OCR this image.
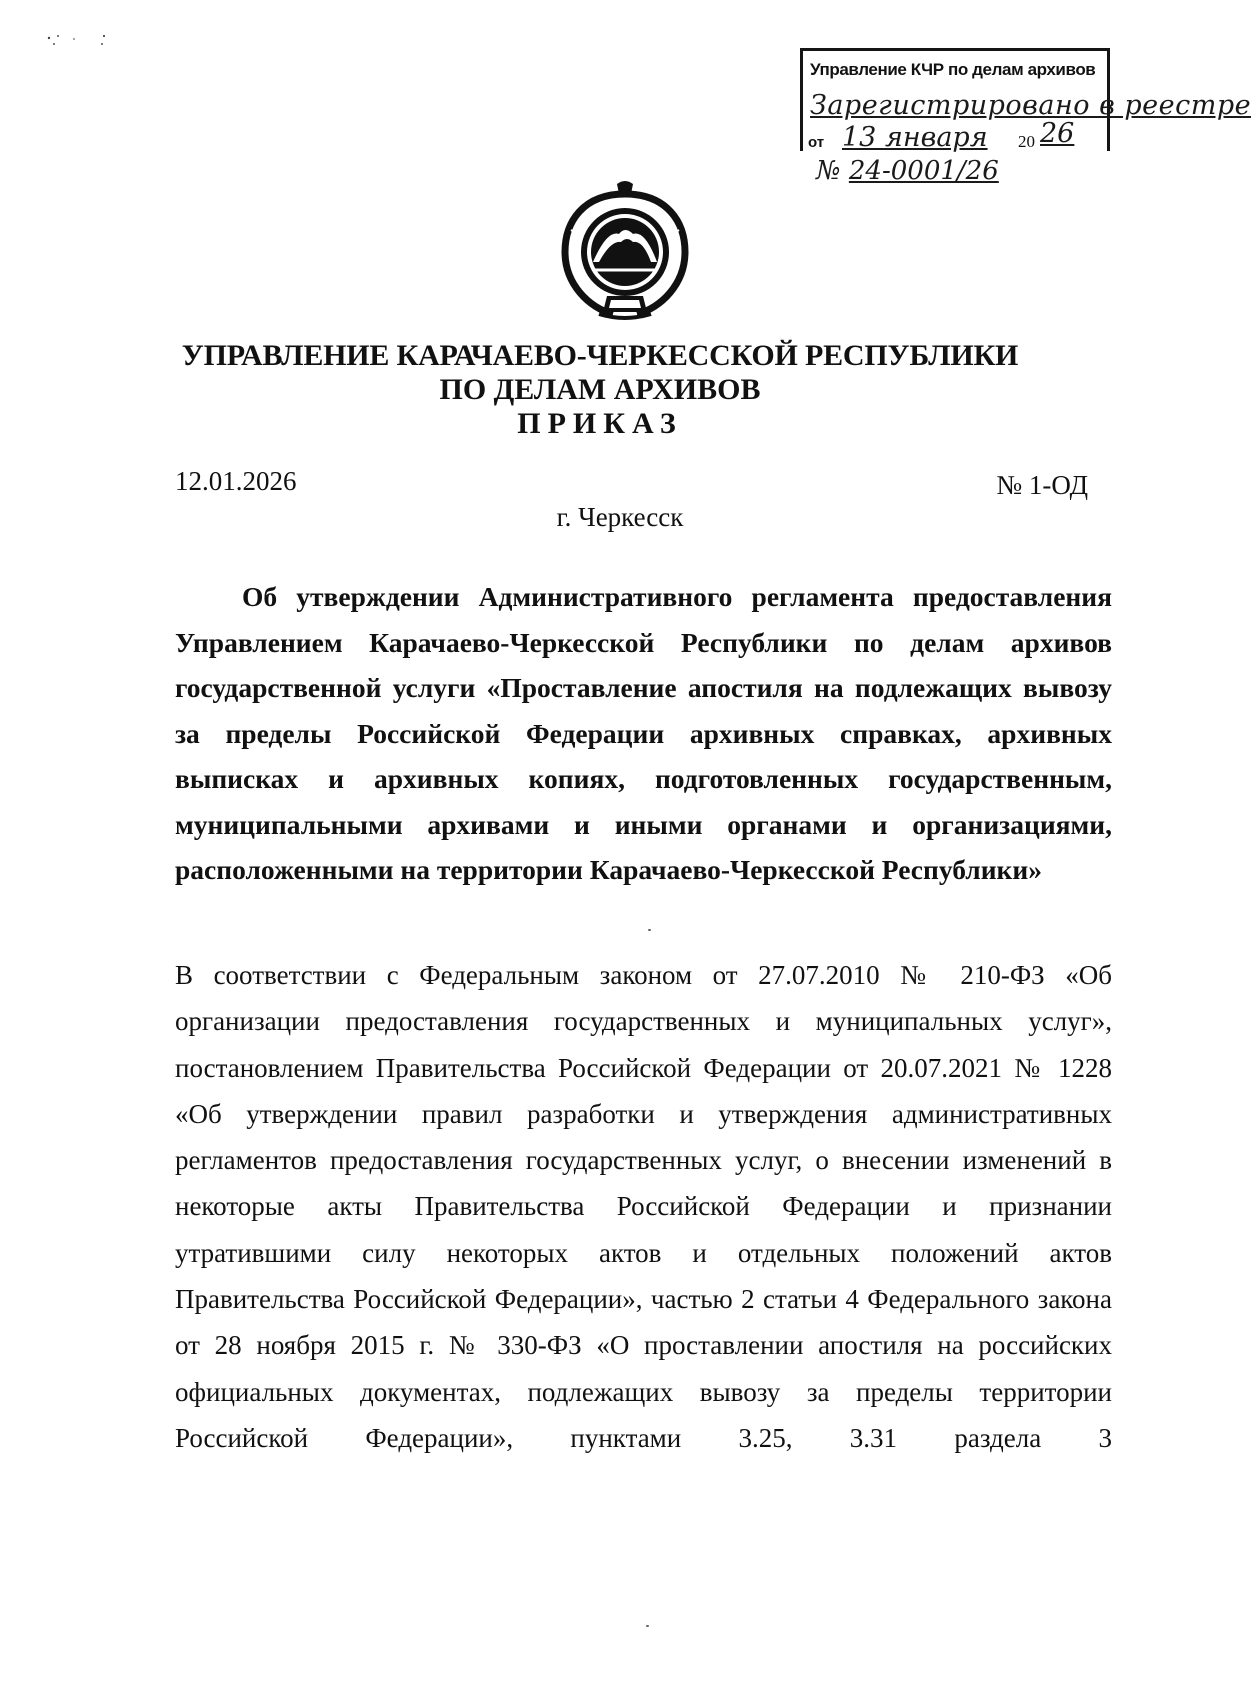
Управление КЧР по делам архивов
Зарегистрировано в реестре
от 13 января 20 26
№ 24-0001/26
УПРАВЛЕНИЕ КАРАЧАЕВО-ЧЕРКЕССКОЙ РЕСПУБЛИКИ
ПО ДЕЛАМ АРХИВОВ
ПРИКАЗ
12.01.2026	№ 1-ОД
г. Черкесск

Об утверждении Административного регламента предоставления Управлением Карачаево-Черкесской Республики по делам архивов государственной услуги «Проставление апостиля на подлежащих вывозу за пределы Российской Федерации архивных справках, архивных выписках и архивных копиях, подготовленных государственным, муниципальными архивами и иными органами и организациями, расположенными на территории Карачаево-Черкесской Республики»

В соответствии с Федеральным законом от 27.07.2010 № 210-ФЗ «Об организации предоставления государственных и муниципальных услуг», постановлением Правительства Российской Федерации от 20.07.2021 № 1228 «Об утверждении правил разработки и утверждения административных регламентов предоставления государственных услуг, о внесении изменений в некоторые акты Правительства Российской Федерации и признании утратившими силу некоторых актов и отдельных положений актов Правительства Российской Федерации», частью 2 статьи 4 Федерального закона от 28 ноября 2015 г. № 330-ФЗ «О проставлении апостиля на российских официальных документах, подлежащих вывозу за пределы территории Российской Федерации», пунктами 3.25, 3.31 раздела 3
